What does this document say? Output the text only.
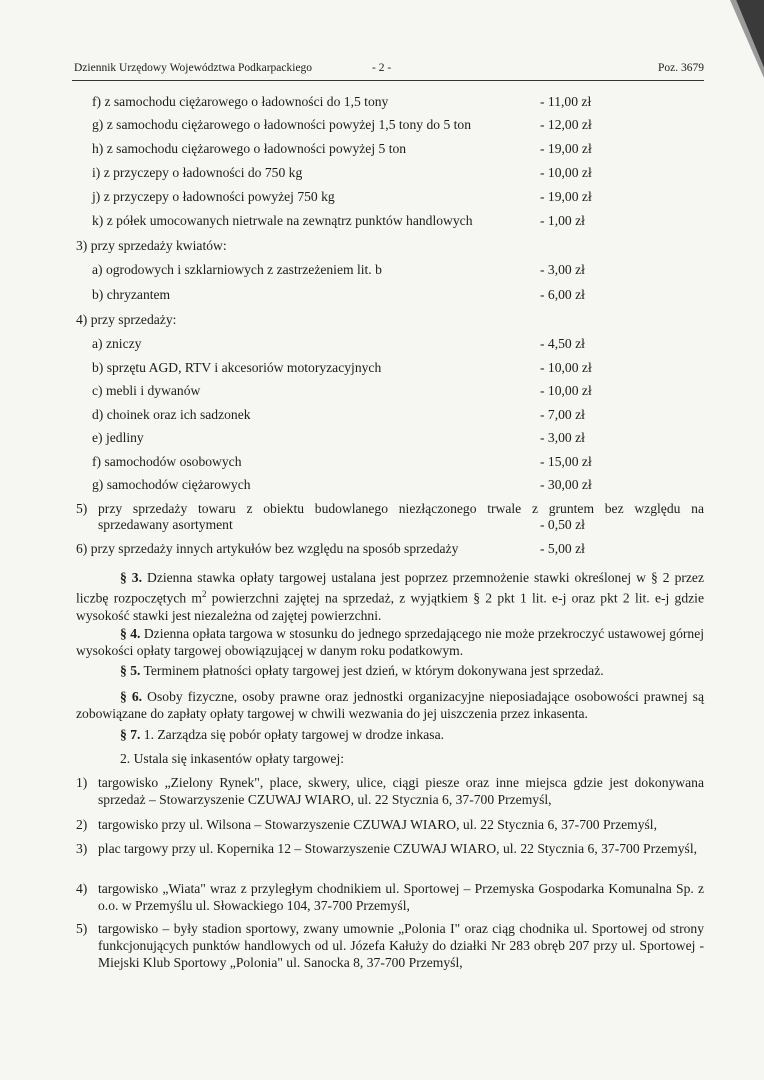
Dziennik Urzędowy Województwa Podkarpackiego	- 2 -	Poz. 3679
f) z samochodu ciężarowego o ładowności do 1,5 tony	- 11,00 zł
g) z samochodu ciężarowego o ładowności powyżej 1,5 tony do 5 ton	- 12,00 zł
h) z samochodu ciężarowego o ładowności powyżej 5 ton	- 19,00 zł
i) z przyczepy o ładowności do 750 kg	- 10,00 zł
j) z przyczepy o ładowności powyżej 750 kg	- 19,00 zł
k) z półek umocowanych nietrwale na zewnątrz punktów handlowych	- 1,00 zł
3) przy sprzedaży kwiatów:
a) ogrodowych i szklarniowych z zastrzeżeniem lit. b	- 3,00 zł
b) chryzantem	- 6,00 zł
4) przy sprzedaży:
a) zniczy	- 4,50 zł
b) sprzętu AGD, RTV i akcesoriów motoryzacyjnych	- 10,00 zł
c) mebli i dywanów	- 10,00 zł
d) choinek oraz ich sadzonek	- 7,00 zł
e) jedliny	- 3,00 zł
f) samochodów osobowych	- 15,00 zł
g) samochodów ciężarowych	- 30,00 zł
5) przy sprzedaży towaru z obiektu budowlanego niezłączonego trwale z gruntem bez względu na
sprzedawany asortyment	- 0,50 zł
6) przy sprzedaży innych artykułów bez względu na sposób sprzedaży	- 5,00 zł
§ 3. Dzienna stawka opłaty targowej ustalana jest poprzez przemnożenie stawki określonej w § 2 przez liczbę rozpoczętych $m^2$ powierzchni zajętej na sprzedaż, z wyjątkiem § 2 pkt 1 lit. e-j oraz pkt 2 lit. e-j gdzie wysokość stawki jest niezależna od zajętej powierzchni.
§ 4. Dzienna opłata targowa w stosunku do jednego sprzedającego nie może przekroczyć ustawowej górnej wysokości opłaty targowej obowiązującej w danym roku podatkowym.
§ 5. Terminem płatności opłaty targowej jest dzień, w którym dokonywana jest sprzedaż.
§ 6. Osoby fizyczne, osoby prawne oraz jednostki organizacyjne nieposiadające osobowości prawnej są zobowiązane do zapłaty opłaty targowej w chwili wezwania do jej uiszczenia przez inkasenta.
§ 7. 1. Zarządza się pobór opłaty targowej w drodze inkasa.
2. Ustala się inkasentów opłaty targowej:
1) targowisko „Zielony Rynek", place, skwery, ulice, ciągi piesze oraz inne miejsca gdzie jest dokonywana sprzedaż – Stowarzyszenie CZUWAJ WIARO, ul. 22 Stycznia 6, 37-700 Przemyśl,
2) targowisko przy ul. Wilsona – Stowarzyszenie CZUWAJ WIARO, ul. 22 Stycznia 6, 37-700 Przemyśl,
3) plac targowy przy ul. Kopernika 12 – Stowarzyszenie CZUWAJ WIARO, ul. 22 Stycznia 6, 37-700 Przemyśl,
4) targowisko „Wiata" wraz z przyległym chodnikiem ul. Sportowej – Przemyska Gospodarka Komunalna Sp. z o.o. w Przemyślu ul. Słowackiego 104, 37-700 Przemyśl,
5) targowisko – były stadion sportowy, zwany umownie „Polonia I" oraz ciąg chodnika ul. Sportowej od strony funkcjonujących punktów handlowych od ul. Józefa Kałuży do działki Nr 283 obręb 207 przy ul. Sportowej - Miejski Klub Sportowy „Polonia" ul. Sanocka 8, 37-700 Przemyśl,
